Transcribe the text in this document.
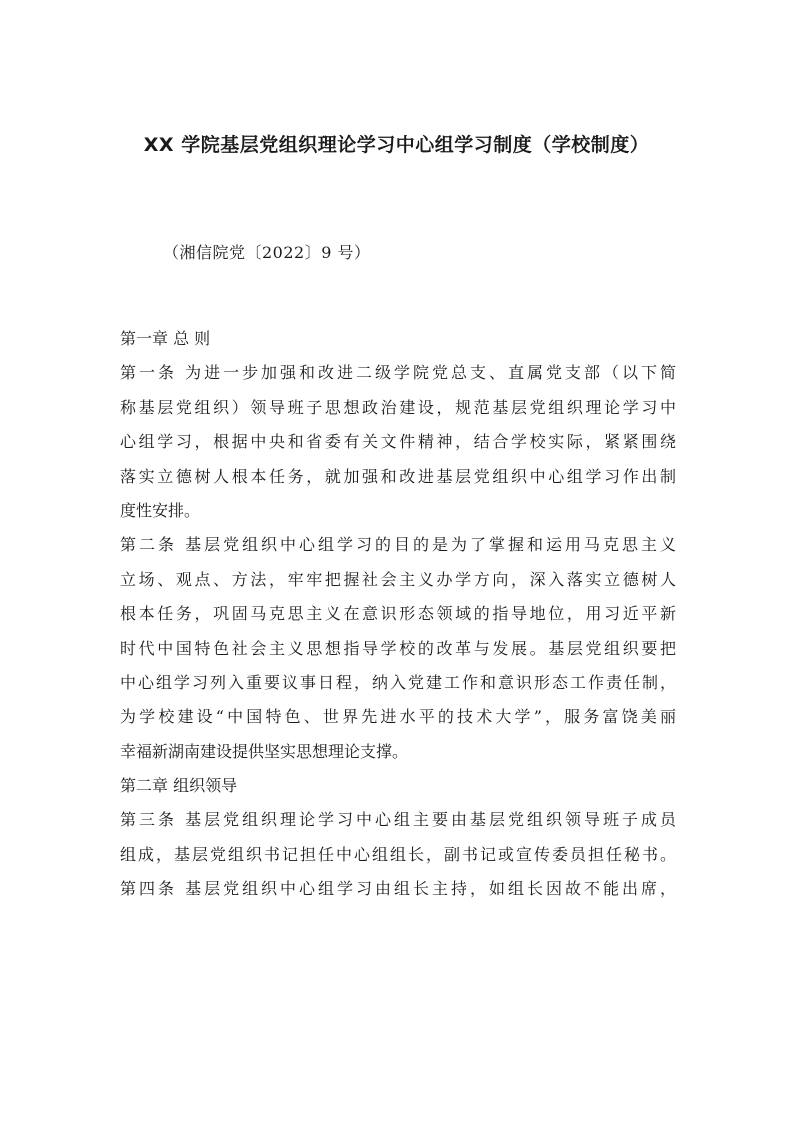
XX 学院基层党组织理论学习中心组学习制度（学校制度）
（湘信院党〔2022〕9 号）
第一章 总 则
第一条 为进一步加强和改进二级学院党总支、直属党支部（以下简
称基层党组织）领导班子思想政治建设，规范基层党组织理论学习中
心组学习，根据中央和省委有关文件精神，结合学校实际，紧紧围绕
落实立德树人根本任务，就加强和改进基层党组织中心组学习作出制
度性安排。
第二条 基层党组织中心组学习的目的是为了掌握和运用马克思主义
立场、观点、方法，牢牢把握社会主义办学方向，深入落实立德树人
根本任务，巩固马克思主义在意识形态领域的指导地位，用习近平新
时代中国特色社会主义思想指导学校的改革与发展。基层党组织要把
中心组学习列入重要议事日程，纳入党建工作和意识形态工作责任制，
为学校建设“中国特色、世界先进水平的技术大学”，服务富饶美丽
幸福新湖南建设提供坚实思想理论支撑。
第二章 组织领导
第三条 基层党组织理论学习中心组主要由基层党组织领导班子成员
组成，基层党组织书记担任中心组组长，副书记或宣传委员担任秘书。
第四条 基层党组织中心组学习由组长主持，如组长因故不能出席，
